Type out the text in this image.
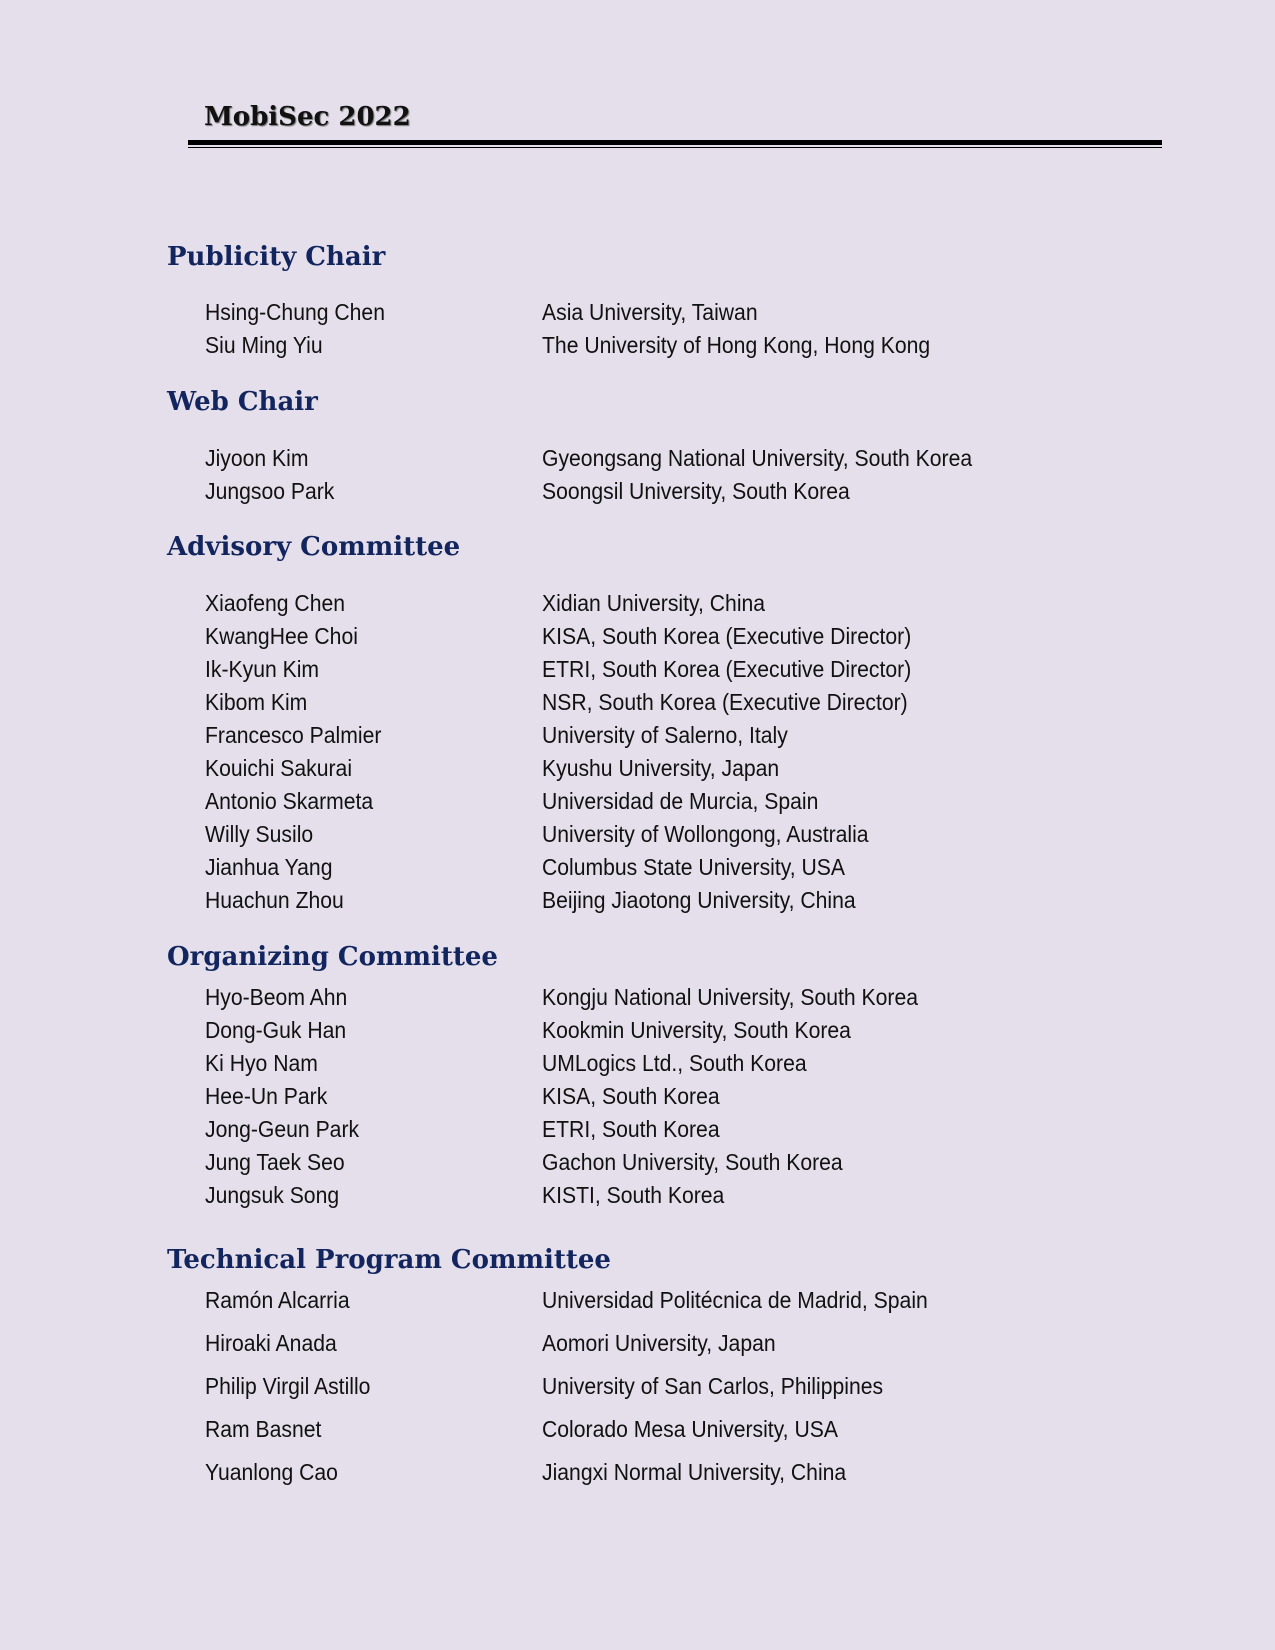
MobiSec 2022
Publicity Chair
Hsing-Chung Chen	Asia University, Taiwan
Siu Ming Yiu	The University of Hong Kong, Hong Kong
Web Chair
Jiyoon Kim	Gyeongsang National University, South Korea
Jungsoo Park	Soongsil University, South Korea
Advisory Committee
Xiaofeng Chen	Xidian University, China
KwangHee Choi	KISA, South Korea (Executive Director)
Ik-Kyun Kim	ETRI, South Korea (Executive Director)
Kibom Kim	NSR, South Korea (Executive Director)
Francesco Palmier	University of Salerno, Italy
Kouichi Sakurai	Kyushu University, Japan
Antonio Skarmeta	Universidad de Murcia, Spain
Willy Susilo	University of Wollongong, Australia
Jianhua Yang	Columbus State University, USA
Huachun Zhou	Beijing Jiaotong University, China
Organizing Committee
Hyo-Beom Ahn	Kongju National University, South Korea
Dong-Guk Han	Kookmin University, South Korea
Ki Hyo Nam	UMLogics Ltd., South Korea
Hee-Un Park	KISA, South Korea
Jong-Geun Park	ETRI, South Korea
Jung Taek Seo	Gachon University, South Korea
Jungsuk Song	KISTI, South Korea
Technical Program Committee
Ramón Alcarria	Universidad Politécnica de Madrid, Spain
Hiroaki Anada	Aomori University, Japan
Philip Virgil Astillo	University of San Carlos, Philippines
Ram Basnet	Colorado Mesa University, USA
Yuanlong Cao	Jiangxi Normal University, China
